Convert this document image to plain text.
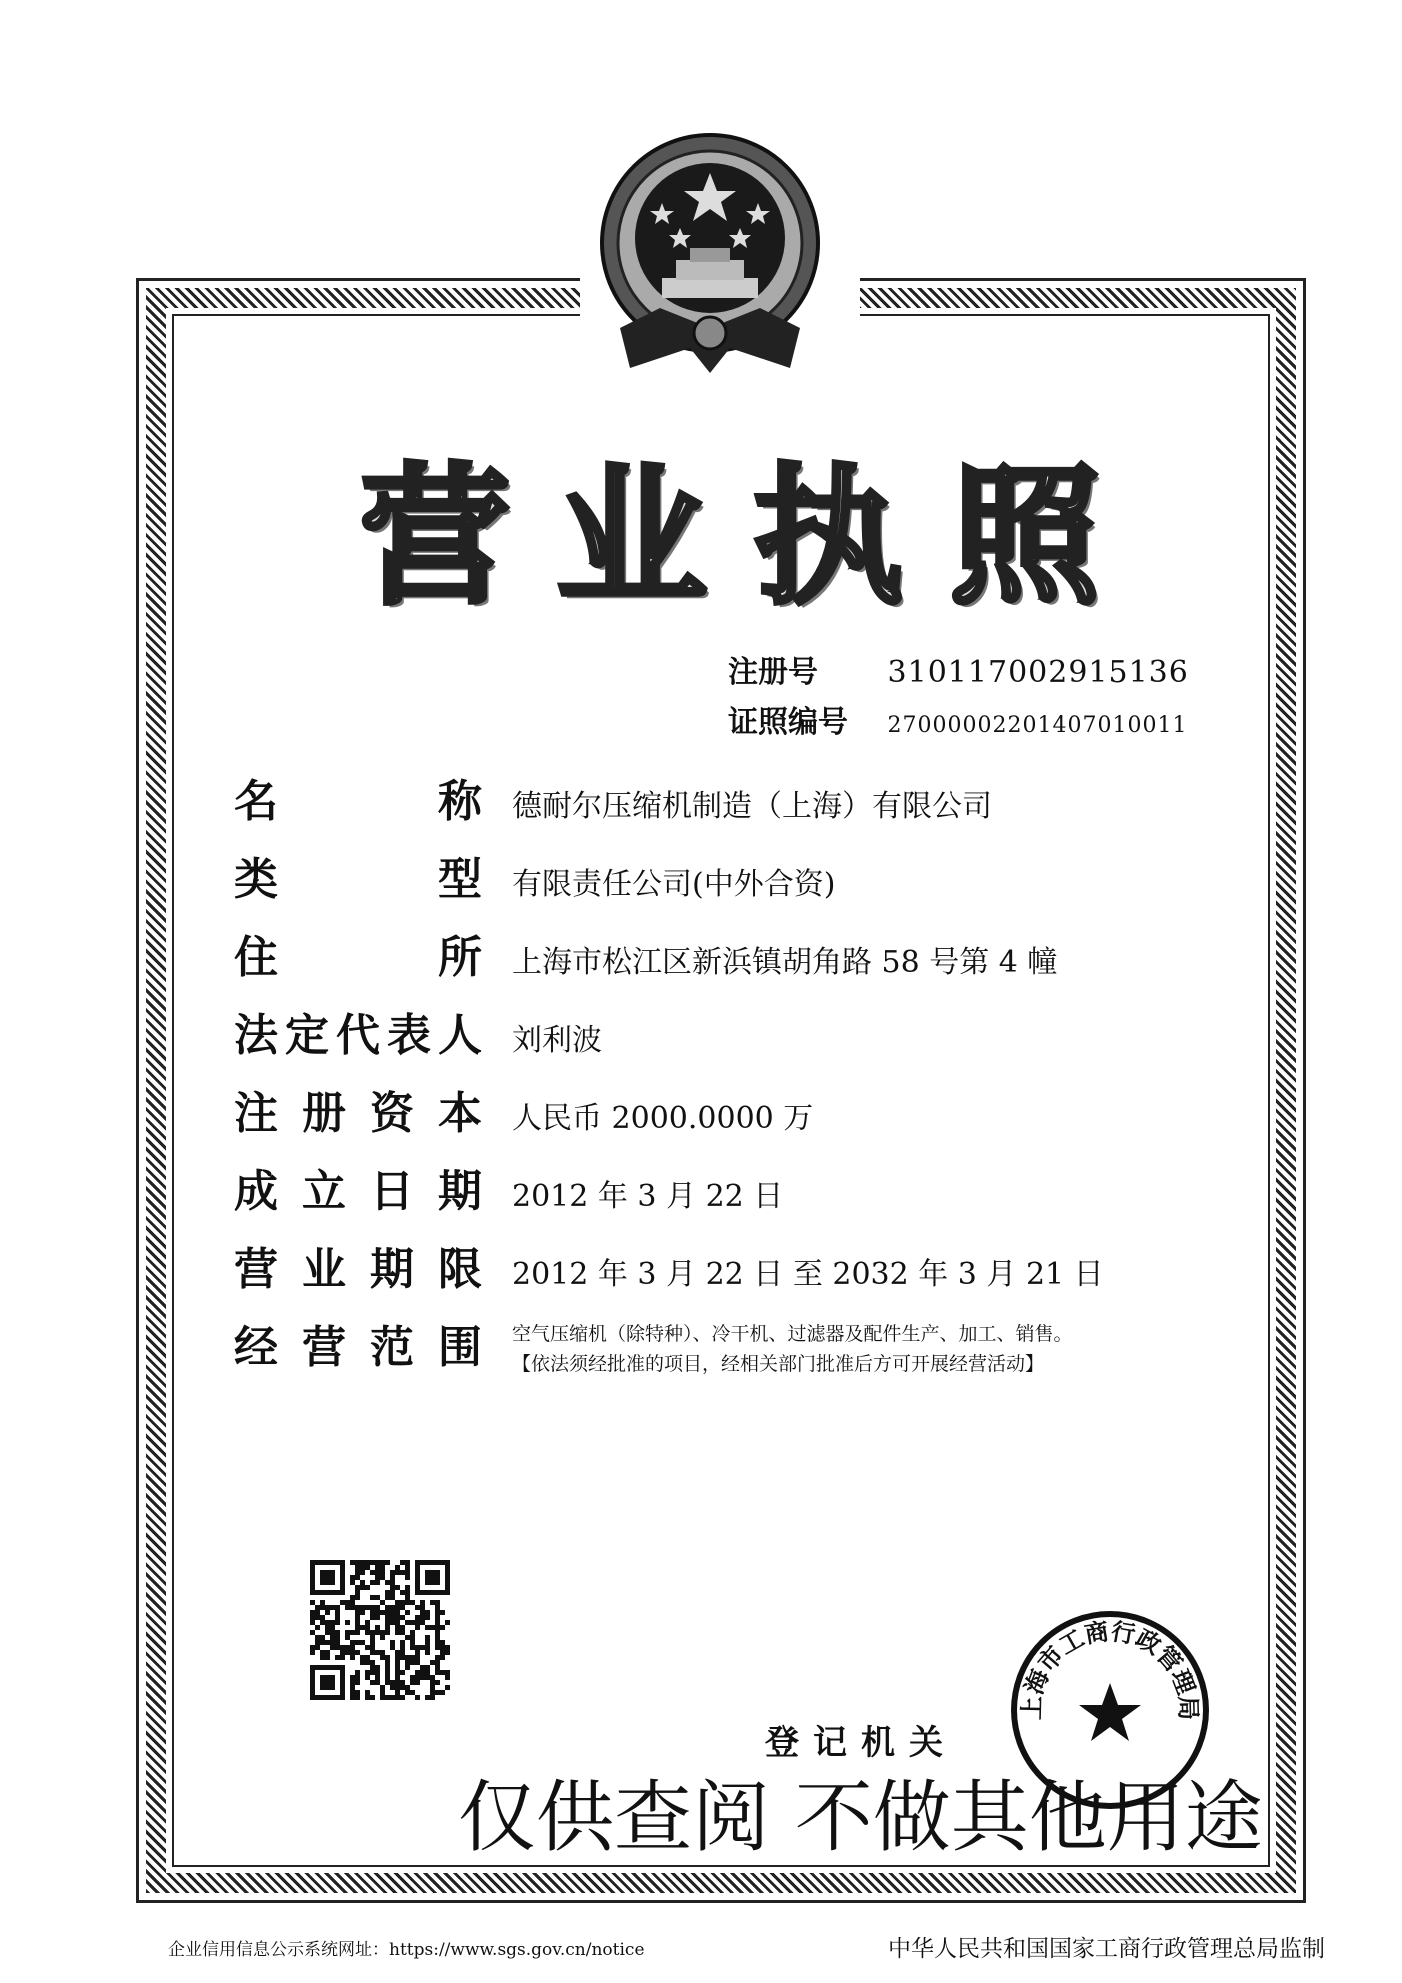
营 业 执 照
注册号 310117002915136
证照编号 27000002201407010011
名	称 德耐尔压缩机制造（上海）有限公司
类	型 有限责任公司(中外合资)
住	所 上海市松江区新浜镇胡角路 58 号第 4 幢
法 定 代 表 人 刘利波
注 册 资 本 人民币 2000.0000 万
成 立 日 期 2012 年 3 月 22 日
营 业 期 限 2012 年 3 月 22 日 至 2032 年 3 月 21 日
经 营 范 围 空气压缩机（除特种）、冷干机、过滤器及配件生产、加工、销售。
【依法须经批准的项目，经相关部门批准后方可开展经营活动】
登记机关
上海市工商行政管理局
仅供查阅 不做其他用途
企业信用信息公示系统网址：https://www.sgs.gov.cn/notice	中华人民共和国国家工商行政管理总局监制
